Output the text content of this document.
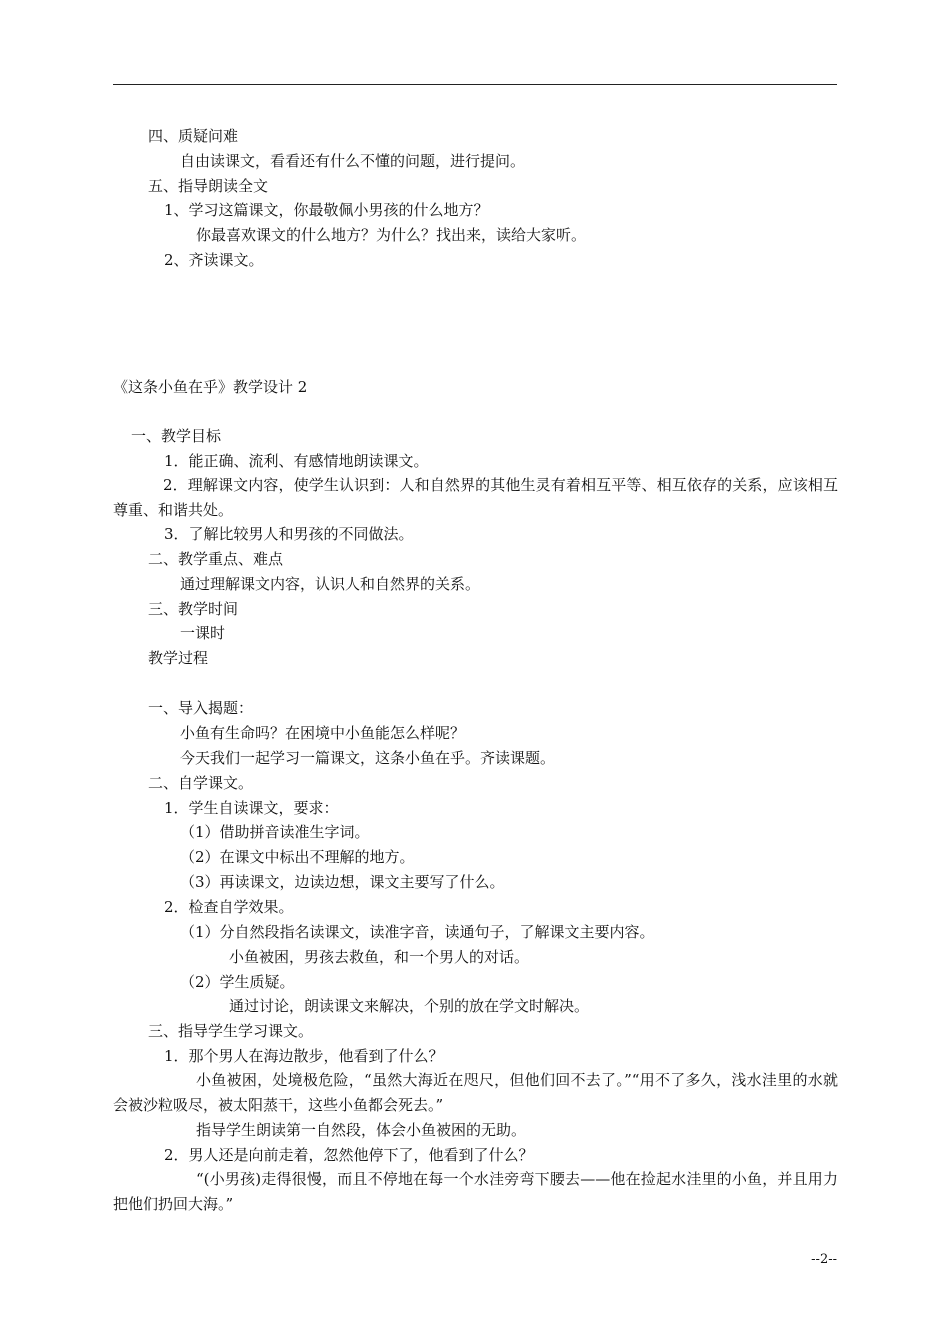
四、质疑问难
自由读课文，看看还有什么不懂的问题，进行提问。
五、指导朗读全文
1、学习这篇课文，你最敬佩小男孩的什么地方？
你最喜欢课文的什么地方？为什么？找出来，读给大家听。
2、齐读课文。
《这条小鱼在乎》教学设计 2
一、教学目标
1．能正确、流利、有感情地朗读课文。
2．理解课文内容，使学生认识到：人和自然界的其他生灵有着相互平等、相互依存的关系，应该相互尊重、和谐共处。
3．了解比较男人和男孩的不同做法。
二、教学重点、难点
通过理解课文内容，认识人和自然界的关系。
三、教学时间
一课时
教学过程
一、导入揭题：
小鱼有生命吗？在困境中小鱼能怎么样呢？
今天我们一起学习一篇课文，这条小鱼在乎。齐读课题。
二、自学课文。
1．学生自读课文，要求：
（1）借助拼音读准生字词。
（2）在课文中标出不理解的地方。
（3）再读课文，边读边想，课文主要写了什么。
2．检查自学效果。
（1）分自然段指名读课文，读准字音，读通句子，了解课文主要内容。
小鱼被困，男孩去救鱼，和一个男人的对话。
（2）学生质疑。
通过讨论，朗读课文来解决，个别的放在学文时解决。
三、指导学生学习课文。
1．那个男人在海边散步，他看到了什么？
小鱼被困，处境极危险，“虽然大海近在咫尺，但他们回不去了。”“用不了多久，浅水洼里的水就会被沙粒吸尽，被太阳蒸干，这些小鱼都会死去。”
指导学生朗读第一自然段，体会小鱼被困的无助。
2．男人还是向前走着，忽然他停下了，他看到了什么？
“(小男孩)走得很慢，而且不停地在每一个水洼旁弯下腰去——他在捡起水洼里的小鱼，并且用力把他们扔回大海。”
--2--
